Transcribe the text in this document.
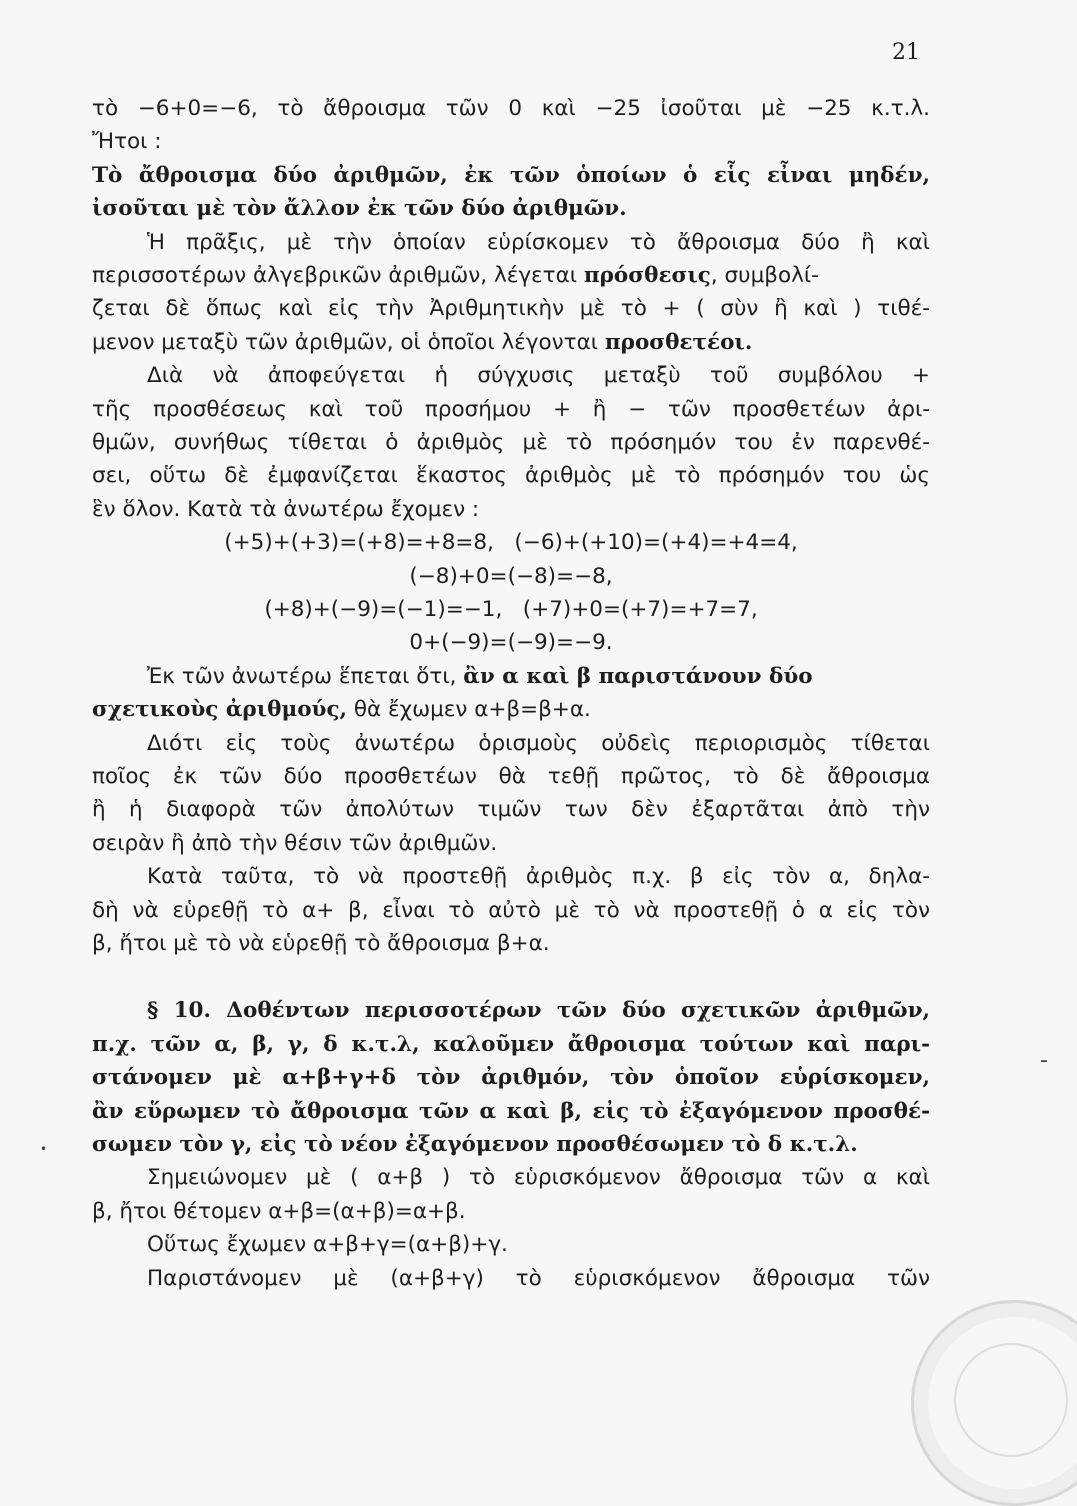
21
τὸ −6+0=−6, τὸ ἄθροισμα τῶν 0 καὶ −25 ἰσοῦται μὲ −25 κ.τ.λ.
Ἤτοι :
Τὸ ἄθροισμα δύο ἀριθμῶν, ἐκ τῶν ὁποίων ὁ εἷς εἶναι μηδέν,
ἰσοῦται μὲ τὸν ἄλλον ἐκ τῶν δύο ἀριθμῶν.
Ἡ πρᾶξις, μὲ τὴν ὁποίαν εὑρίσκομεν τὸ ἄθροισμα δύο ἢ καὶ
περισσοτέρων ἀλγεβρικῶν ἀριθμῶν, λέγεται πρόσθεσις, συμβολί-
ζεται δὲ ὅπως καὶ εἰς τὴν Ἀριθμητικὴν μὲ τὸ + ( σὺν ἢ καὶ ) τιθέ-
μενον μεταξὺ τῶν ἀριθμῶν, οἱ ὁποῖοι λέγονται προσθετέοι.
Διὰ νὰ ἀποφεύγεται ἡ σύγχυσις μεταξὺ τοῦ συμβόλου +
τῆς προσθέσεως καὶ τοῦ προσήμου + ἢ − τῶν προσθετέων ἀρι-
θμῶν, συνήθως τίθεται ὁ ἀριθμὸς μὲ τὸ πρόσημόν του ἐν παρενθέ-
σει, οὕτω δὲ ἐμφανίζεται ἕκαστος ἀριθμὸς μὲ τὸ πρόσημόν του ὡς
ἓν ὅλον. Κατὰ τὰ ἀνωτέρω ἔχομεν :
(+5)+(+3)=(+8)=+8=8,   (−6)+(+10)=(+4)=+4=4,
(−8)+0=(−8)=−8,
(+8)+(−9)=(−1)=−1,   (+7)+0=(+7)=+7=7,
0+(−9)=(−9)=−9.
Ἐκ τῶν ἀνωτέρω ἕπεται ὅτι, ἂν α καὶ β παριστάνουν δύο
σχετικοὺς ἀριθμούς, θὰ ἔχωμεν α+β=β+α.
Διότι εἰς τοὺς ἀνωτέρω ὁρισμοὺς οὐδεὶς περιορισμὸς τίθεται
ποῖος ἐκ τῶν δύο προσθετέων θὰ τεθῇ πρῶτος, τὸ δὲ ἄθροισμα
ἢ ἡ διαφορὰ τῶν ἀπολύτων τιμῶν των δὲν ἐξαρτᾶται ἀπὸ τὴν
σειρὰν ἢ ἀπὸ τὴν θέσιν τῶν ἀριθμῶν.
Κατὰ ταῦτα, τὸ νὰ προστεθῇ ἀριθμὸς π.χ. β εἰς τὸν α, δηλα-
δὴ νὰ εὑρεθῇ τὸ α+ β, εἶναι τὸ αὐτὸ μὲ τὸ νὰ προστεθῇ ὁ α εἰς τὸν
β, ἤτοι μὲ τὸ νὰ εὑρεθῇ τὸ ἄθροισμα β+α.
§ 10. Δοθέντων περισσοτέρων τῶν δύο σχετικῶν ἀριθμῶν,
π.χ. τῶν α, β, γ, δ κ.τ.λ, καλοῦμεν ἄθροισμα τούτων καὶ παρι-
στάνομεν μὲ α+β+γ+δ τὸν ἀριθμόν, τὸν ὁποῖον εὑρίσκομεν,
ἂν εὕρωμεν τὸ ἄθροισμα τῶν α καὶ β, εἰς τὸ ἐξαγόμενον προσθέ-
σωμεν τὸν γ, εἰς τὸ νέον ἐξαγόμενον προσθέσωμεν τὸ δ κ.τ.λ.
Σημειώνομεν μὲ ( α+β ) τὸ εὑρισκόμενον ἄθροισμα τῶν α καὶ
β, ἤτοι θέτομεν α+β=(α+β)=α+β.
Οὕτως ἔχωμεν α+β+γ=(α+β)+γ.
Παριστάνομεν μὲ (α+β+γ) τὸ εὑρισκόμενον ἄθροισμα τῶν
-
•
